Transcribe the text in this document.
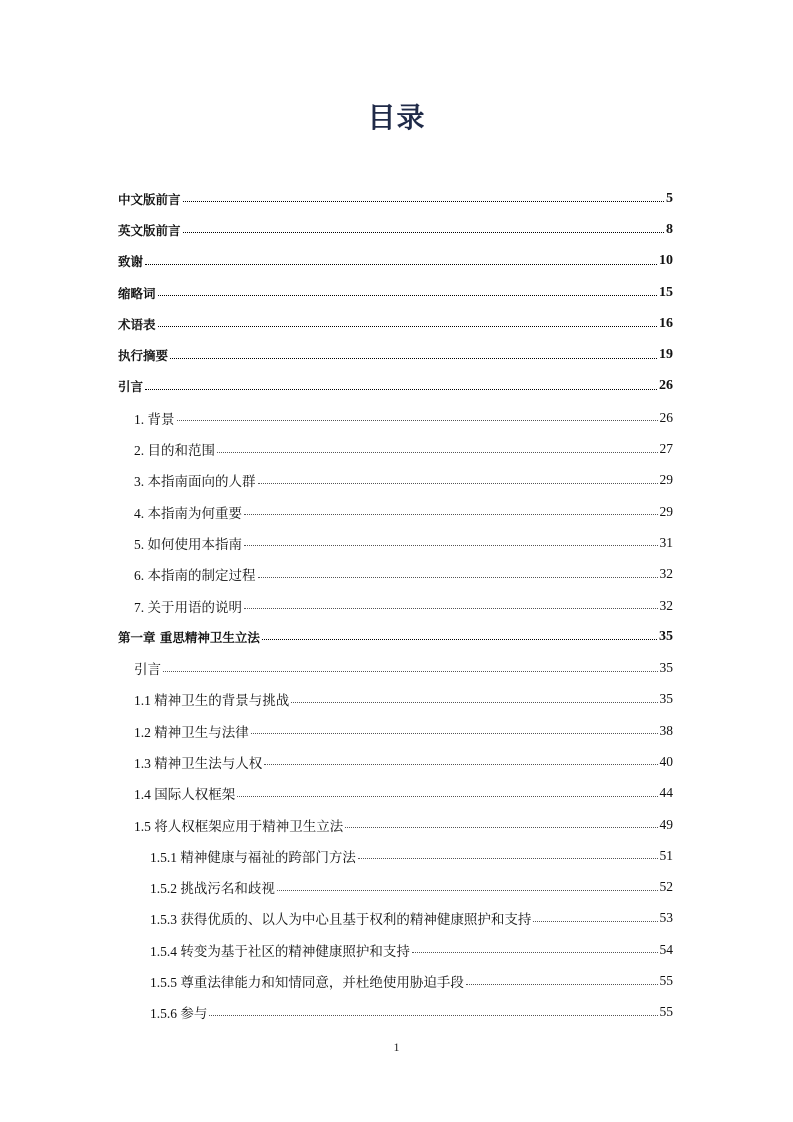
目录
中文版前言	5
英文版前言	8
致谢	10
缩略词	15
术语表	16
执行摘要	19
引言	26
1. 背景	26
2. 目的和范围	27
3. 本指南面向的人群	29
4. 本指南为何重要	29
5. 如何使用本指南	31
6. 本指南的制定过程	32
7. 关于用语的说明	32
第一章 重思精神卫生立法	35
引言	35
1.1 精神卫生的背景与挑战	35
1.2 精神卫生与法律	38
1.3 精神卫生法与人权	40
1.4 国际人权框架	44
1.5 将人权框架应用于精神卫生立法	49
1.5.1 精神健康与福祉的跨部门方法	51
1.5.2 挑战污名和歧视	52
1.5.3 获得优质的、以人为中心且基于权利的精神健康照护和支持	53
1.5.4 转变为基于社区的精神健康照护和支持	54
1.5.5 尊重法律能力和知情同意，并杜绝使用胁迫手段	55
1.5.6 参与	55
1
